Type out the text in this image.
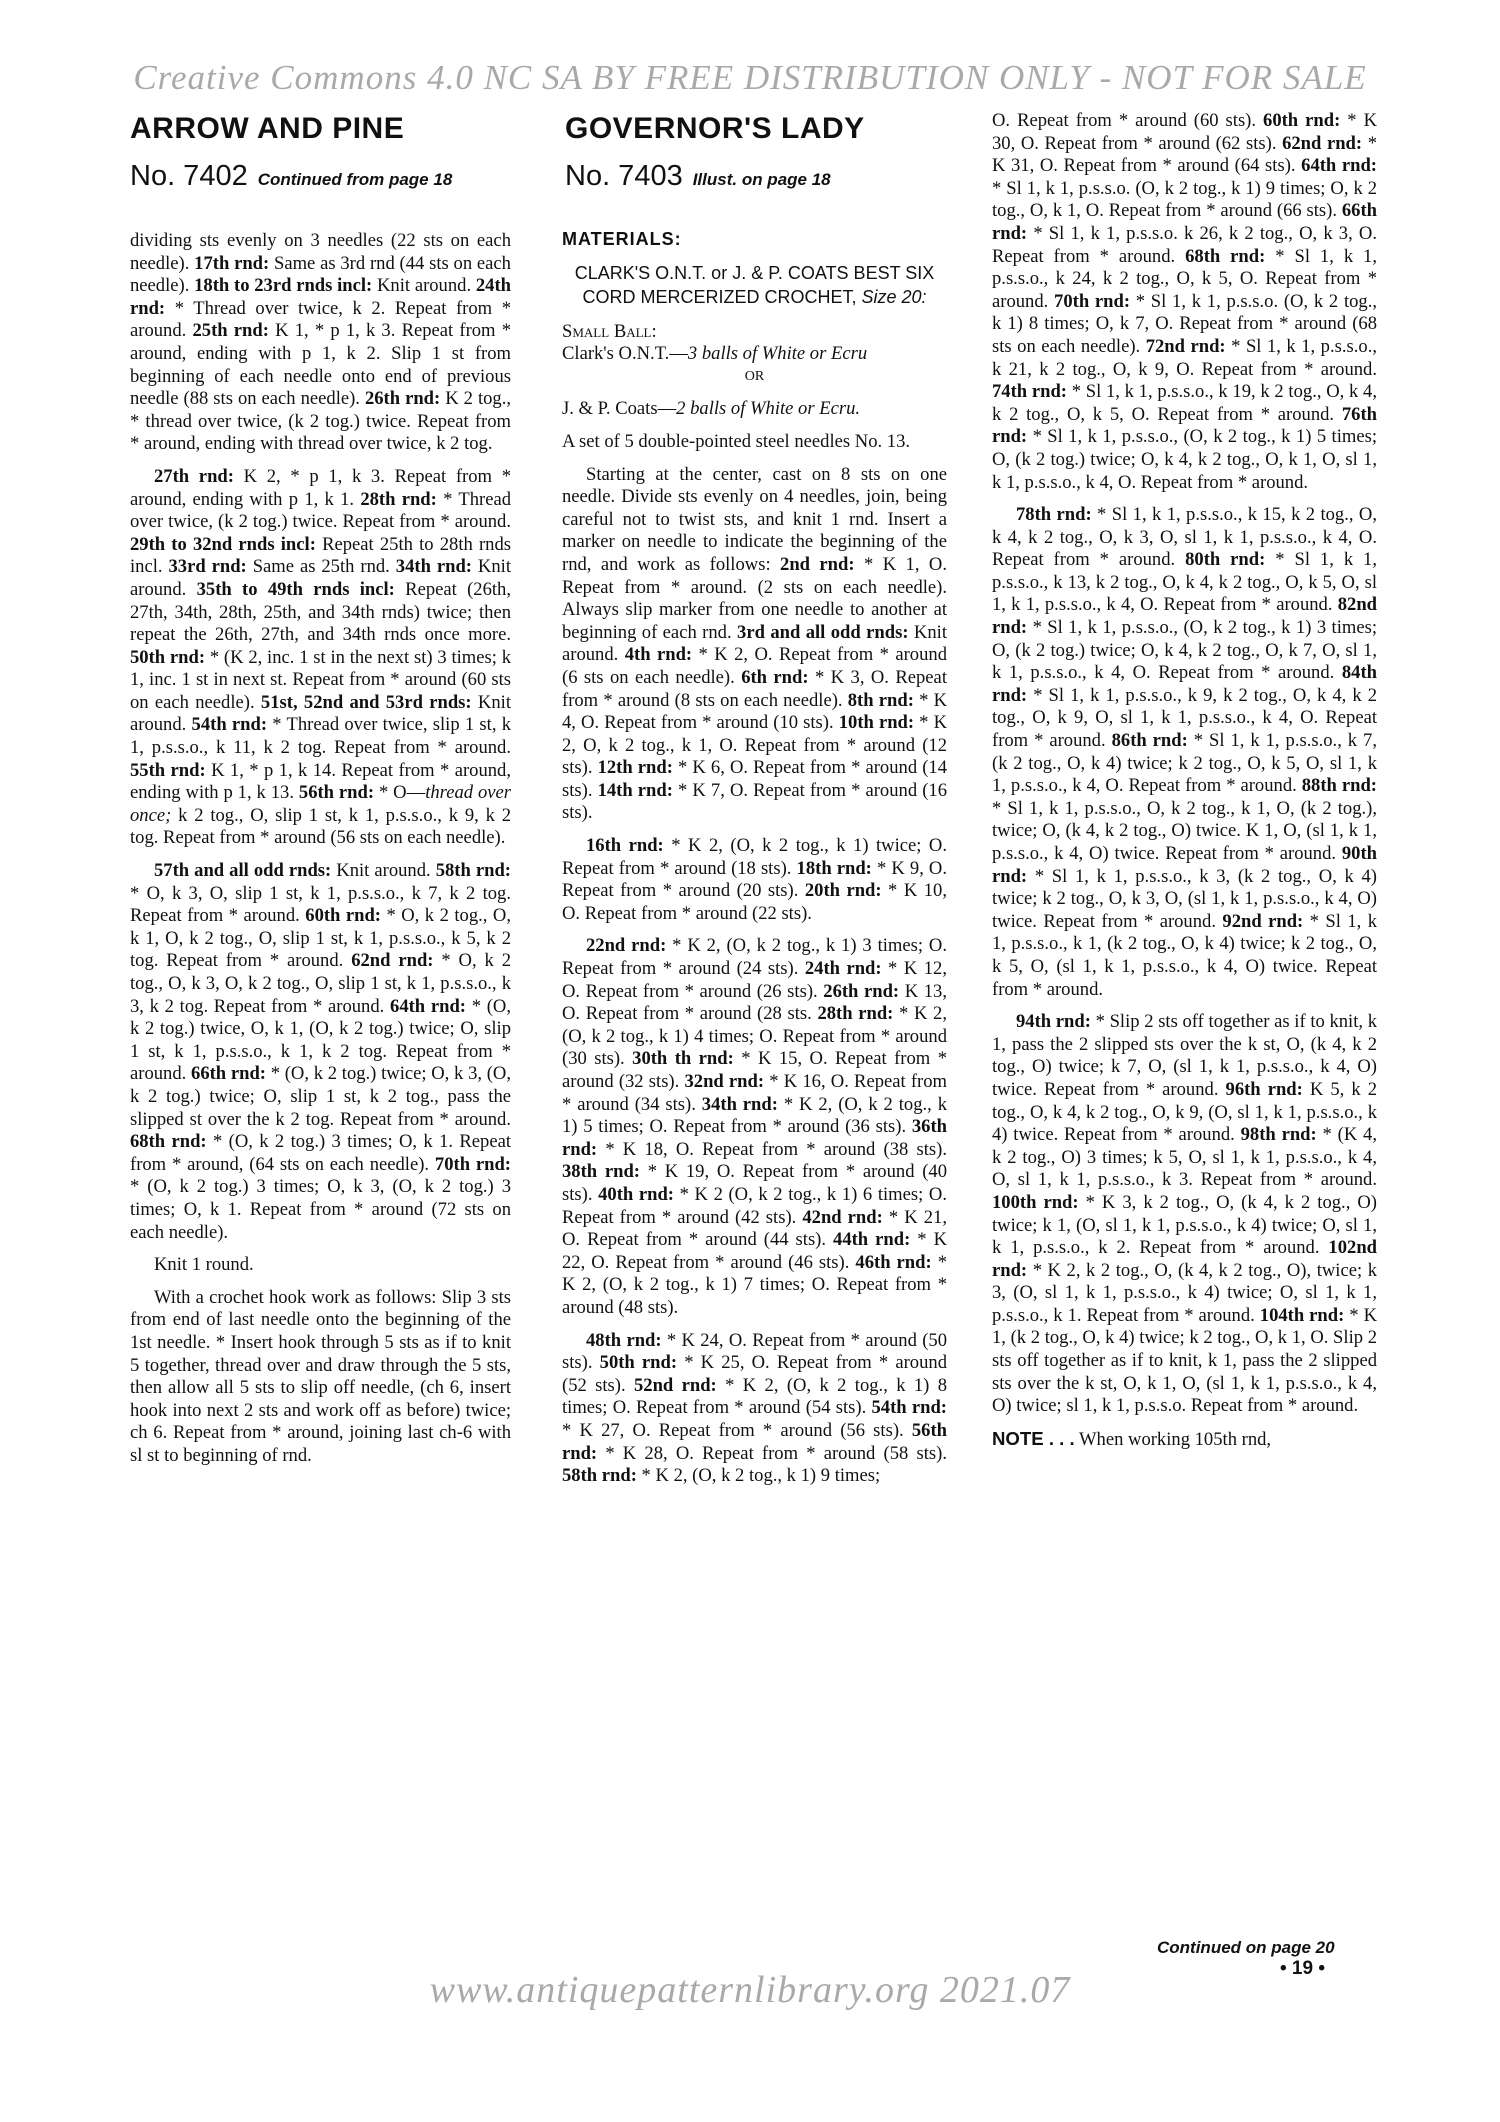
Creative Commons 4.0 NC SA BY FREE DISTRIBUTION ONLY - NOT FOR SALE
ARROW AND PINE
No. 7402 Continued from page 18

dividing sts evenly on 3 needles (22 sts on each needle). 17th rnd: Same as 3rd rnd (44 sts on each needle). 18th to 23rd rnds incl: Knit around. 24th rnd: * Thread over twice, k 2. Repeat from * around. 25th rnd: K 1, * p 1, k 3. Repeat from * around, ending with p 1, k 2. Slip 1 st from beginning of each needle onto end of previous needle (88 sts on each needle). 26th rnd: K 2 tog., * thread over twice, (k 2 tog.) twice. Repeat from * around, ending with thread over twice, k 2 tog.

27th rnd: K 2, * p 1, k 3. Repeat from * around, ending with p 1, k 1. 28th rnd: * Thread over twice, (k 2 tog.) twice. Repeat from * around. 29th to 32nd rnds incl: Repeat 25th to 28th rnds incl. 33rd rnd: Same as 25th rnd. 34th rnd: Knit around. 35th to 49th rnds incl: Repeat (26th, 27th, 34th, 28th, 25th, and 34th rnds) twice; then repeat the 26th, 27th, and 34th rnds once more. 50th rnd: * (K 2, inc. 1 st in the next st) 3 times; k 1, inc. 1 st in next st. Repeat from * around (60 sts on each needle). 51st, 52nd and 53rd rnds: Knit around. 54th rnd: * Thread over twice, slip 1 st, k 1, p.s.s.o., k 11, k 2 tog. Repeat from * around. 55th rnd: K 1, * p 1, k 14. Repeat from * around, ending with p 1, k 13. 56th rnd: * O—thread over once; k 2 tog., O, slip 1 st, k 1, p.s.s.o., k 9, k 2 tog. Repeat from * around (56 sts on each needle).

57th and all odd rnds: Knit around. 58th rnd: * O, k 3, O, slip 1 st, k 1, p.s.s.o., k 7, k 2 tog. Repeat from * around. 60th rnd: * O, k 2 tog., O, k 1, O, k 2 tog., O, slip 1 st, k 1, p.s.s.o., k 5, k 2 tog. Repeat from * around. 62nd rnd: * O, k 2 tog., O, k 3, O, k 2 tog., O, slip 1 st, k 1, p.s.s.o., k 3, k 2 tog. Repeat from * around. 64th rnd: * (O, k 2 tog.) twice, O, k 1, (O, k 2 tog.) twice; O, slip 1 st, k 1, p.s.s.o., k 1, k 2 tog. Repeat from * around. 66th rnd: * (O, k 2 tog.) twice; O, k 3, (O, k 2 tog.) twice; O, slip 1 st, k 2 tog., pass the slipped st over the k 2 tog. Repeat from * around. 68th rnd: * (O, k 2 tog.) 3 times; O, k 1. Repeat from * around, (64 sts on each needle). 70th rnd: * (O, k 2 tog.) 3 times; O, k 3, (O, k 2 tog.) 3 times; O, k 1. Repeat from * around (72 sts on each needle).

Knit 1 round.

With a crochet hook work as follows: Slip 3 sts from end of last needle onto the beginning of the 1st needle. * Insert hook through 5 sts as if to knit 5 together, thread over and draw through the 5 sts, then allow all 5 sts to slip off needle, (ch 6, insert hook into next 2 sts and work off as before) twice; ch 6. Repeat from * around, joining last ch-6 with sl st to beginning of rnd.

GOVERNOR'S LADY
No. 7403 Illust. on page 18
MATERIALS:
CLARK'S O.N.T. or J. & P. COATS BEST SIX CORD MERCERIZED CROCHET, Size 20:

Small Ball:

Clark's O.N.T.—3 balls of White or Ecru

OR

J. & P. Coats—2 balls of White or Ecru.

A set of 5 double-pointed steel needles No. 13.

Starting at the center, cast on 8 sts on one needle. Divide sts evenly on 4 needles, join, being careful not to twist sts, and knit 1 rnd. Insert a marker on needle to indicate the beginning of the rnd, and work as follows: 2nd rnd: * K 1, O. Repeat from * around. (2 sts on each needle). Always slip marker from one needle to another at beginning of each rnd. 3rd and all odd rnds: Knit around. 4th rnd: * K 2, O. Repeat from * around (6 sts on each needle). 6th rnd: * K 3, O. Repeat from * around (8 sts on each needle). 8th rnd: * K 4, O. Repeat from * around (10 sts). 10th rnd: * K 2, O, k 2 tog., k 1, O. Repeat from * around (12 sts). 12th rnd: * K 6, O. Repeat from * around (14 sts). 14th rnd: * K 7, O. Repeat from * around (16 sts).

16th rnd: * K 2, (O, k 2 tog., k 1) twice; O. Repeat from * around (18 sts). 18th rnd: * K 9, O. Repeat from * around (20 sts). 20th rnd: * K 10, O. Repeat from * around (22 sts).

22nd rnd: * K 2, (O, k 2 tog., k 1) 3 times; O. Repeat from * around (24 sts). 24th rnd: * K 12, O. Repeat from * around (26 sts). 26th rnd: K 13, O. Repeat from * around (28 sts. 28th rnd: * K 2, (O, k 2 tog., k 1) 4 times; O. Repeat from * around (30 sts). 30th th rnd: * K 15, O. Repeat from * around (32 sts). 32nd rnd: * K 16, O. Repeat from * around (34 sts). 34th rnd: * K 2, (O, k 2 tog., k 1) 5 times; O. Repeat from * around (36 sts). 36th rnd: * K 18, O. Repeat from * around (38 sts). 38th rnd: * K 19, O. Repeat from * around (40 sts). 40th rnd: * K 2 (O, k 2 tog., k 1) 6 times; O. Repeat from * around (42 sts). 42nd rnd: * K 21, O. Repeat from * around (44 sts). 44th rnd: * K 22, O. Repeat from * around (46 sts). 46th rnd: * K 2, (O, k 2 tog., k 1) 7 times; O. Repeat from * around (48 sts).

48th rnd: * K 24, O. Repeat from * around (50 sts). 50th rnd: * K 25, O. Repeat from * around (52 sts). 52nd rnd: * K 2, (O, k 2 tog., k 1) 8 times; O. Repeat from * around (54 sts). 54th rnd: * K 27, O. Repeat from * around (56 sts). 56th rnd: * K 28, O. Repeat from * around (58 sts). 58th rnd: * K 2, (O, k 2 tog., k 1) 9 times;

O. Repeat from * around (60 sts). 60th rnd: * K 30, O. Repeat from * around (62 sts). 62nd rnd: * K 31, O. Repeat from * around (64 sts). 64th rnd: * Sl 1, k 1, p.s.s.o. (O, k 2 tog., k 1) 9 times; O, k 2 tog., O, k 1, O. Repeat from * around (66 sts). 66th rnd: * Sl 1, k 1, p.s.s.o. k 26, k 2 tog., O, k 3, O. Repeat from * around. 68th rnd: * Sl 1, k 1, p.s.s.o., k 24, k 2 tog., O, k 5, O. Repeat from * around. 70th rnd: * Sl 1, k 1, p.s.s.o. (O, k 2 tog., k 1) 8 times; O, k 7, O. Repeat from * around (68 sts on each needle). 72nd rnd: * Sl 1, k 1, p.s.s.o., k 21, k 2 tog., O, k 9, O. Repeat from * around. 74th rnd: * Sl 1, k 1, p.s.s.o., k 19, k 2 tog., O, k 4, k 2 tog., O, k 5, O. Repeat from * around. 76th rnd: * Sl 1, k 1, p.s.s.o., (O, k 2 tog., k 1) 5 times; O, (k 2 tog.) twice; O, k 4, k 2 tog., O, k 1, O, sl 1, k 1, p.s.s.o., k 4, O. Repeat from * around.

78th rnd: * Sl 1, k 1, p.s.s.o., k 15, k 2 tog., O, k 4, k 2 tog., O, k 3, O, sl 1, k 1, p.s.s.o., k 4, O. Repeat from * around. 80th rnd: * Sl 1, k 1, p.s.s.o., k 13, k 2 tog., O, k 4, k 2 tog., O, k 5, O, sl 1, k 1, p.s.s.o., k 4, O. Repeat from * around. 82nd rnd: * Sl 1, k 1, p.s.s.o., (O, k 2 tog., k 1) 3 times; O, (k 2 tog.) twice; O, k 4, k 2 tog., O, k 7, O, sl 1, k 1, p.s.s.o., k 4, O. Repeat from * around. 84th rnd: * Sl 1, k 1, p.s.s.o., k 9, k 2 tog., O, k 4, k 2 tog., O, k 9, O, sl 1, k 1, p.s.s.o., k 4, O. Repeat from * around. 86th rnd: * Sl 1, k 1, p.s.s.o., k 7, (k 2 tog., O, k 4) twice; k 2 tog., O, k 5, O, sl 1, k 1, p.s.s.o., k 4, O. Repeat from * around. 88th rnd: * Sl 1, k 1, p.s.s.o., O, k 2 tog., k 1, O, (k 2 tog.), twice; O, (k 4, k 2 tog., O) twice. K 1, O, (sl 1, k 1, p.s.s.o., k 4, O) twice. Repeat from * around. 90th rnd: * Sl 1, k 1, p.s.s.o., k 3, (k 2 tog., O, k 4) twice; k 2 tog., O, k 3, O, (sl 1, k 1, p.s.s.o., k 4, O) twice. Repeat from * around. 92nd rnd: * Sl 1, k 1, p.s.s.o., k 1, (k 2 tog., O, k 4) twice; k 2 tog., O, k 5, O, (sl 1, k 1, p.s.s.o., k 4, O) twice. Repeat from * around.

94th rnd: * Slip 2 sts off together as if to knit, k 1, pass the 2 slipped sts over the k st, O, (k 4, k 2 tog., O) twice; k 7, O, (sl 1, k 1, p.s.s.o., k 4, O) twice. Repeat from * around. 96th rnd: K 5, k 2 tog., O, k 4, k 2 tog., O, k 9, (O, sl 1, k 1, p.s.s.o., k 4) twice. Repeat from * around. 98th rnd: * (K 4, k 2 tog., O) 3 times; k 5, O, sl 1, k 1, p.s.s.o., k 4, O, sl 1, k 1, p.s.s.o., k 3. Repeat from * around. 100th rnd: * K 3, k 2 tog., O, (k 4, k 2 tog., O) twice; k 1, (O, sl 1, k 1, p.s.s.o., k 4) twice; O, sl 1, k 1, p.s.s.o., k 2. Repeat from * around. 102nd rnd: * K 2, k 2 tog., O, (k 4, k 2 tog., O), twice; k 3, (O, sl 1, k 1, p.s.s.o., k 4) twice; O, sl 1, k 1, p.s.s.o., k 1. Repeat from * around. 104th rnd: * K 1, (k 2 tog., O, k 4) twice; k 2 tog., O, k 1, O. Slip 2 sts off together as if to knit, k 1, pass the 2 slipped sts over the k st, O, k 1, O, (sl 1, k 1, p.s.s.o., k 4, O) twice; sl 1, k 1, p.s.s.o. Repeat from * around.

NOTE . . . When working 105th rnd,

Continued on page 20
www.antiquepatternlibrary.org 2021.07
• 19 •
